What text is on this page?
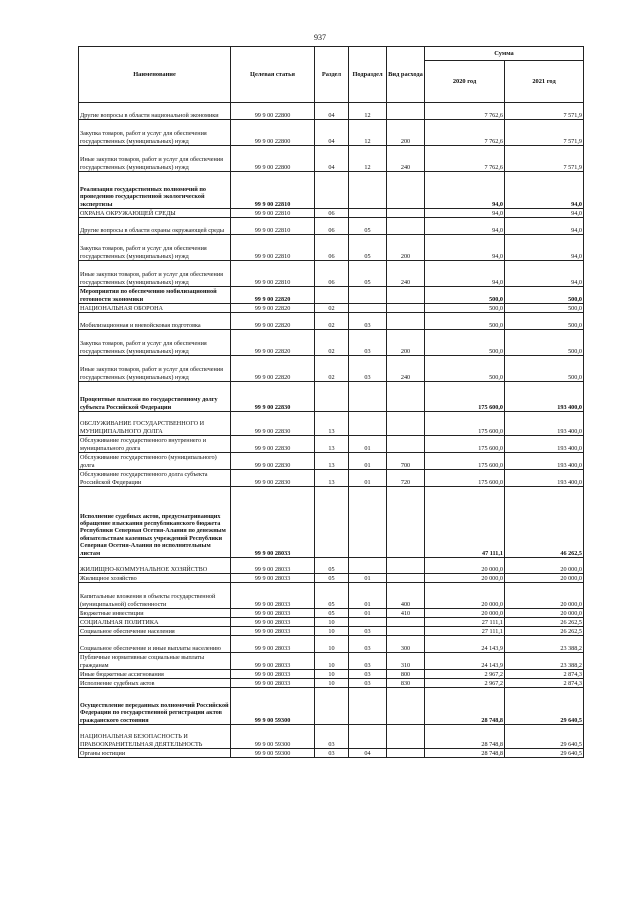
937
Наименование	Целевая статья	Раздел	Подраздел	Вид расхода	Сумма	
					2020 год	2021 год
Другие вопросы в области национальной экономики	99 9 00 22800	04	12		7 762,6	7 571,9
Закупка товаров, работ и услуг для обеспечения государственных (муниципальных) нужд	99 9 00 22800	04	12	200	7 762,6	7 571,9
Иные закупки товаров, работ и услуг для обеспечения государственных (муниципальных) нужд	99 9 00 22800	04	12	240	7 762,6	7 571,9
Реализация государственных полномочий по проведению государственной экологической экспертизы	99 9 00 22810				94,0	94,0
ОХРАНА ОКРУЖАЮЩЕЙ СРЕДЫ	99 9 00 22810	06			94,0	94,0
Другие вопросы в области охраны окружающей среды	99 9 00 22810	06	05		94,0	94,0
Закупка товаров, работ и услуг для обеспечения государственных (муниципальных) нужд	99 9 00 22810	06	05	200	94,0	94,0
Иные закупки товаров, работ и услуг для обеспечения государственных (муниципальных) нужд	99 9 00 22810	06	05	240	94,0	94,0
Мероприятия по обеспечению мобилизационной готовности экономики	99 9 00 22820				500,0	500,0
НАЦИОНАЛЬНАЯ ОБОРОНА	99 9 00 22820	02			500,0	500,0
Мобилизационная и вневойсковая подготовка	99 9 00 22820	02	03		500,0	500,0
Закупка товаров, работ и услуг для обеспечения государственных (муниципальных) нужд	99 9 00 22820	02	03	200	500,0	500,0
Иные закупки товаров, работ и услуг для обеспечения государственных (муниципальных) нужд	99 9 00 22820	02	03	240	500,0	500,0
Процентные платежи по государственному долгу субъекта Российской Федерации	99 9 00 22830				175 600,0	193 400,0
ОБСЛУЖИВАНИЕ ГОСУДАРСТВЕННОГО И МУНИЦИПАЛЬНОГО ДОЛГА	99 9 00 22830	13			175 600,0	193 400,0
Обслуживание государственного внутреннего и муниципального долга	99 9 00 22830	13	01		175 600,0	193 400,0
Обслуживание государственного (муниципального) долга	99 9 00 22830	13	01	700	175 600,0	193 400,0
Обслуживание государственного долга субъекта Российской Федерации	99 9 00 22830	13	01	720	175 600,0	193 400,0
Исполнение судебных актов, предусматривающих обращение взыскания республиканского бюджета Республики Северная Осетия-Алания по денежным обязательствам казенных учреждений Республики Северная Осетия-Алания по исполнительным листам	99 9 00 28033				47 111,1	46 262,5
ЖИЛИЩНО-КОММУНАЛЬНОЕ ХОЗЯЙСТВО	99 9 00 28033	05			20 000,0	20 000,0
Жилищное хозяйство	99 9 00 28033	05	01		20 000,0	20 000,0
Капитальные вложения в объекты государственной (муниципальной) собственности	99 9 00 28033	05	01	400	20 000,0	20 000,0
Бюджетные инвестиции	99 9 00 28033	05	01	410	20 000,0	20 000,0
СОЦИАЛЬНАЯ ПОЛИТИКА	99 9 00 28033	10			27 111,1	26 262,5
Социальное обеспечение населения	99 9 00 28033	10	03		27 111,1	26 262,5
Социальное обеспечение и иные выплаты населению	99 9 00 28033	10	03	300	24 143,9	23 388,2
Публичные нормативные социальные выплаты гражданам	99 9 00 28033	10	03	310	24 143,9	23 388,2
Иные бюджетные ассигнования	99 9 00 28033	10	03	800	2 967,2	2 874,3
Исполнение судебных актов	99 9 00 28033	10	03	830	2 967,2	2 874,3
Осуществление переданных полномочий Российской Федерации по государственной регистрации актов гражданского состояния	99 9 00 59300				28 748,8	29 640,5
НАЦИОНАЛЬНАЯ БЕЗОПАСНОСТЬ И ПРАВООХРАНИТЕЛЬНАЯ ДЕЯТЕЛЬНОСТЬ	99 9 00 59300	03			28 748,8	29 640,5
Органы юстиции	99 9 00 59300	03	04		28 748,8	29 640,5
